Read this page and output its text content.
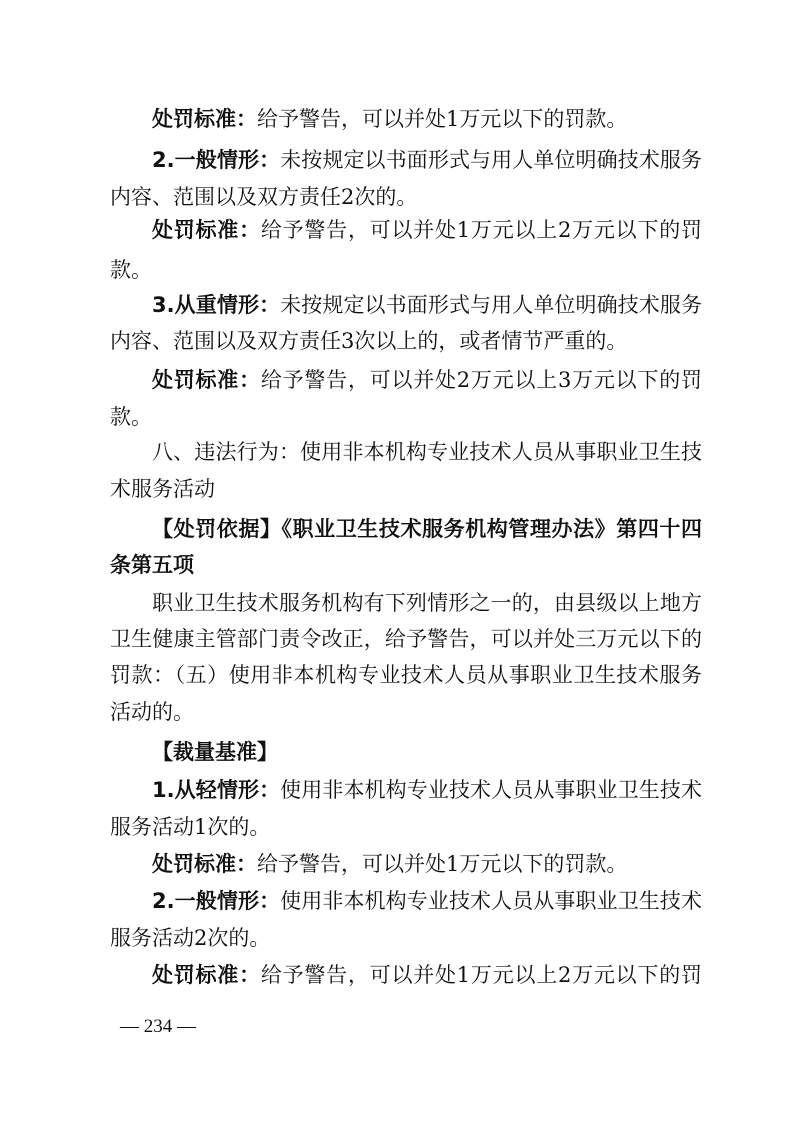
处罚标准：给予警告，可以并处1万元以下的罚款。
2.一般情形：未按规定以书面形式与用人单位明确技术服务
内容、范围以及双方责任2次的。
处罚标准：给予警告，可以并处1万元以上2万元以下的罚
款。
3.从重情形：未按规定以书面形式与用人单位明确技术服务
内容、范围以及双方责任3次以上的，或者情节严重的。
处罚标准：给予警告，可以并处2万元以上3万元以下的罚
款。
八、违法行为：使用非本机构专业技术人员从事职业卫生技
术服务活动
【处罚依据】《职业卫生技术服务机构管理办法》第四十四
条第五项
职业卫生技术服务机构有下列情形之一的，由县级以上地方
卫生健康主管部门责令改正，给予警告，可以并处三万元以下的
罚款：（五）使用非本机构专业技术人员从事职业卫生技术服务
活动的。
【裁量基准】
1.从轻情形：使用非本机构专业技术人员从事职业卫生技术
服务活动1次的。
处罚标准：给予警告，可以并处1万元以下的罚款。
2.一般情形：使用非本机构专业技术人员从事职业卫生技术
服务活动2次的。
处罚标准：给予警告，可以并处1万元以上2万元以下的罚
— 234 —
